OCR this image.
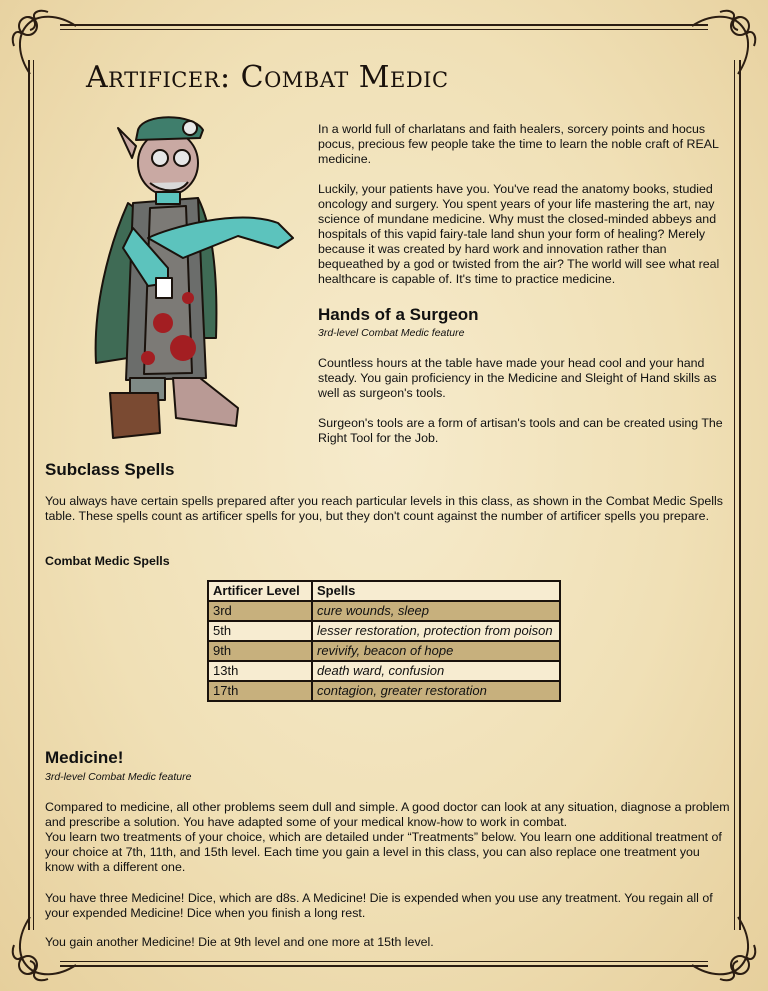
Artificer: Combat Medic

In a world full of charlatans and faith healers, sorcery points and hocus pocus, precious few people take the time to learn the noble craft of REAL medicine.

Luckily, your patients have you. You've read the anatomy books, studied oncology and surgery. You spent years of your life mastering the art, nay science of mundane medicine. Why must the closed-minded abbeys and hospitals of this vapid fairy-tale land shun your form of healing? Merely because it was created by hard work and innovation rather than bequeathed by a god or twisted from the air? The world will see what real healthcare is capable of. It's time to practice medicine.

Hands of a Surgeon

3rd-level Combat Medic feature

Countless hours at the table have made your head cool and your hand steady. You gain proficiency in the Medicine and Sleight of Hand skills as well as surgeon's tools.

Surgeon's tools are a form of artisan's tools and can be created using The Right Tool for the Job.

Subclass Spells

You always have certain spells prepared after you reach particular levels in this class, as shown in the Combat Medic Spells table. These spells count as artificer spells for you, but they don't count against the number of artificer spells you prepare.

Combat Medic Spells

Artificer Level	Spells
3rd	cure wounds, sleep
5th	lesser restoration, protection from poison
9th	revivify, beacon of hope
13th	death ward, confusion
17th	contagion, greater restoration
Medicine!

3rd-level Combat Medic feature

Compared to medicine, all other problems seem dull and simple. A good doctor can look at any situation, diagnose a problem and prescribe a solution. You have adapted some of your medical know-how to work in combat.

You learn two treatments of your choice, which are detailed under “Treatments” below. You learn one additional treatment of your choice at 7th, 11th, and 15th level. Each time you gain a level in this class, you can also replace one treatment you know with a different one.

You have three Medicine! Dice, which are d8s. A Medicine! Die is expended when you use any treatment. You regain all of your expended Medicine! Dice when you finish a long rest.

You gain another Medicine! Die at 9th level and one more at 15th level.
